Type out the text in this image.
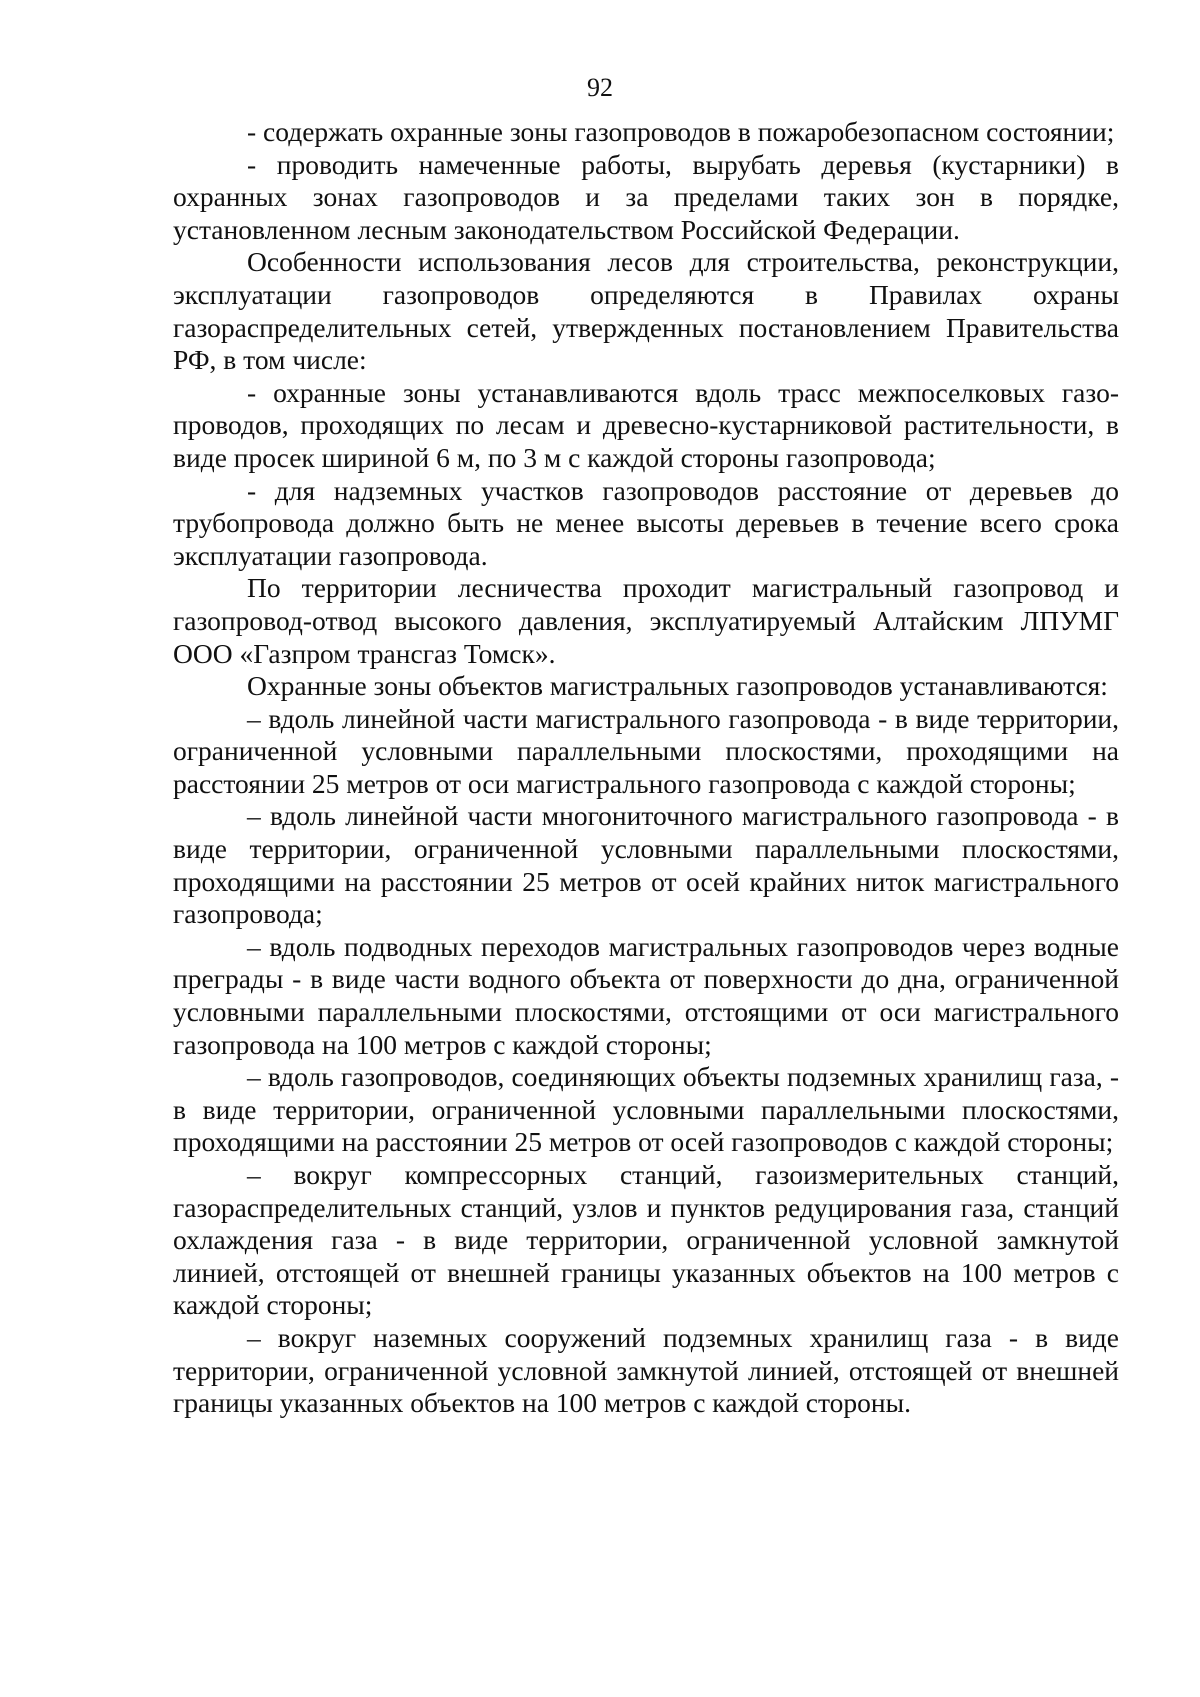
92

- содержать охранные зоны газопроводов в пожаробезопасном состоянии;

- проводить намеченные работы, вырубать деревья (кустарники) в охранных зонах газопроводов и за пределами таких зон в порядке, установленном лесным законодательством Российской Федерации.

Особенности использования лесов для строительства, реконструкции, эксплуатации газопроводов определяются в Правилах охраны газораспределительных сетей, утвержденных постановлением Правительства РФ, в том числе:

- охранные зоны устанавливаются вдоль трасс межпоселковых газо-проводов, проходящих по лесам и древесно-кустарниковой растительности, в виде просек шириной 6 м, по 3 м с каждой стороны газопровода;

- для надземных участков газопроводов расстояние от деревьев до трубопровода должно быть не менее высоты деревьев в течение всего срока эксплуатации газопровода.

По территории лесничества проходит магистральный газопровод и газопровод-отвод высокого давления, эксплуатируемый Алтайским ЛПУМГ ООО «Газпром трансгаз Томск».

Охранные зоны объектов магистральных газопроводов устанавливаются:

– вдоль линейной части магистрального газопровода - в виде территории, ограниченной условными параллельными плоскостями, проходящими на расстоянии 25 метров от оси магистрального газопровода с каждой стороны;

– вдоль линейной части многониточного магистрального газопровода - в виде территории, ограниченной условными параллельными плоскостями, проходящими на расстоянии 25 метров от осей крайних ниток магистрального газопровода;

– вдоль подводных переходов магистральных газопроводов через водные преграды - в виде части водного объекта от поверхности до дна, ограниченной условными параллельными плоскостями, отстоящими от оси магистрального газопровода на 100 метров с каждой стороны;

– вдоль газопроводов, соединяющих объекты подземных хранилищ газа, - в виде территории, ограниченной условными параллельными плоскостями, проходящими на расстоянии 25 метров от осей газопроводов с каждой стороны;

– вокруг компрессорных станций, газоизмерительных станций, газораспределительных станций, узлов и пунктов редуцирования газа, станций охлаждения газа - в виде территории, ограниченной условной замкнутой линией, отстоящей от внешней границы указанных объектов на 100 метров с каждой стороны;

– вокруг наземных сооружений подземных хранилищ газа - в виде территории, ограниченной условной замкнутой линией, отстоящей от внешней границы указанных объектов на 100 метров с каждой стороны.
